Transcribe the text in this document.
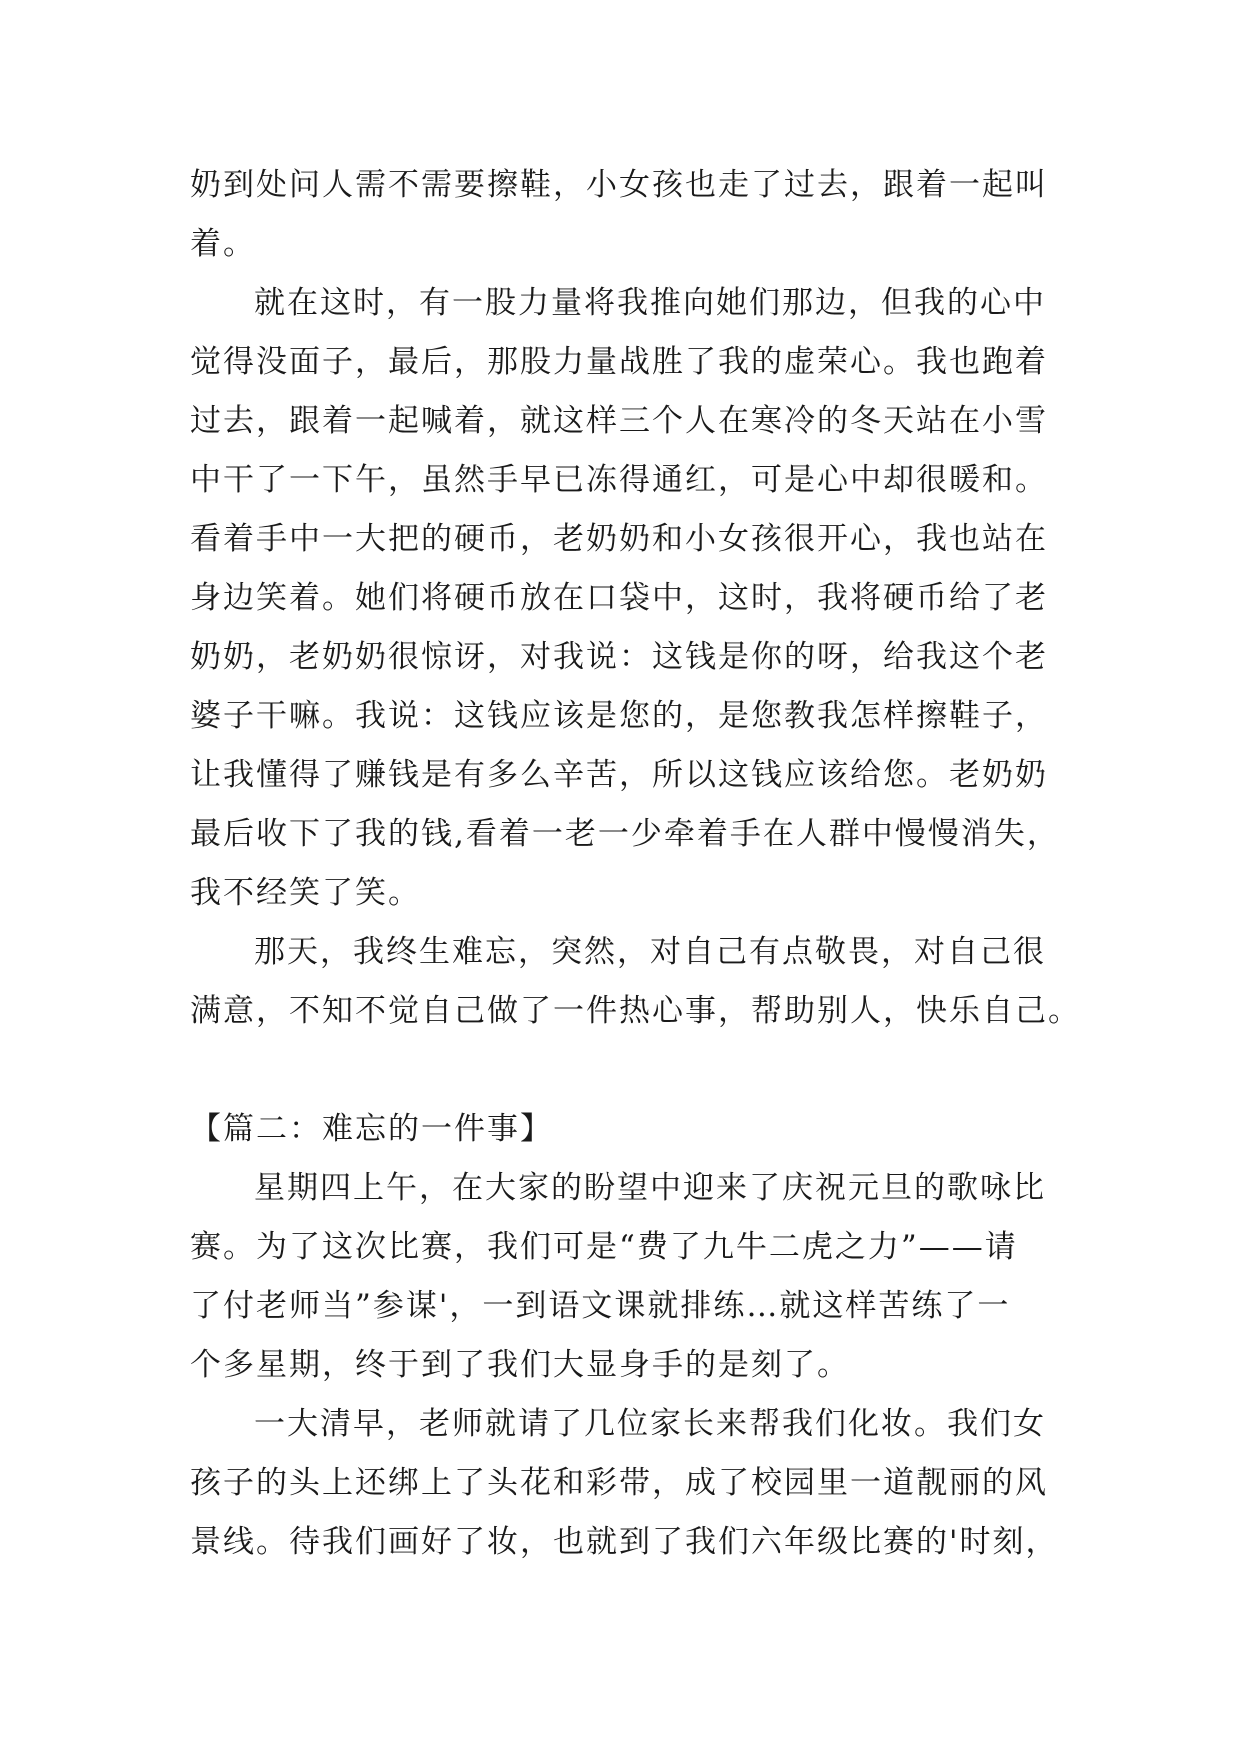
奶到处问人需不需要擦鞋，小女孩也走了过去，跟着一起叫
着。
就在这时，有一股力量将我推向她们那边，但我的心中
觉得没面子，最后，那股力量战胜了我的虚荣心。我也跑着
过去，跟着一起喊着，就这样三个人在寒冷的冬天站在小雪
中干了一下午，虽然手早已冻得通红，可是心中却很暖和。
看着手中一大把的硬币，老奶奶和小女孩很开心，我也站在
身边笑着。她们将硬币放在口袋中，这时，我将硬币给了老
奶奶，老奶奶很惊讶，对我说：这钱是你的呀，给我这个老
婆子干嘛。我说：这钱应该是您的，是您教我怎样擦鞋子，
让我懂得了赚钱是有多么辛苦，所以这钱应该给您。老奶奶
最后收下了我的钱,看着一老一少牵着手在人群中慢慢消失，
我不经笑了笑。
那天，我终生难忘，突然，对自己有点敬畏，对自己很
满意，不知不觉自己做了一件热心事，帮助别人，快乐自己。
【篇二：难忘的一件事】
星期四上午，在大家的盼望中迎来了庆祝元旦的歌咏比
赛。为了这次比赛，我们可是“费了九牛二虎之力”——请
了付老师当”参谋'，一到语文课就排练…就这样苦练了一
个多星期，终于到了我们大显身手的是刻了。
一大清早，老师就请了几位家长来帮我们化妆。我们女
孩子的头上还绑上了头花和彩带，成了校园里一道靓丽的风
景线。待我们画好了妆，也就到了我们六年级比赛的'时刻，
